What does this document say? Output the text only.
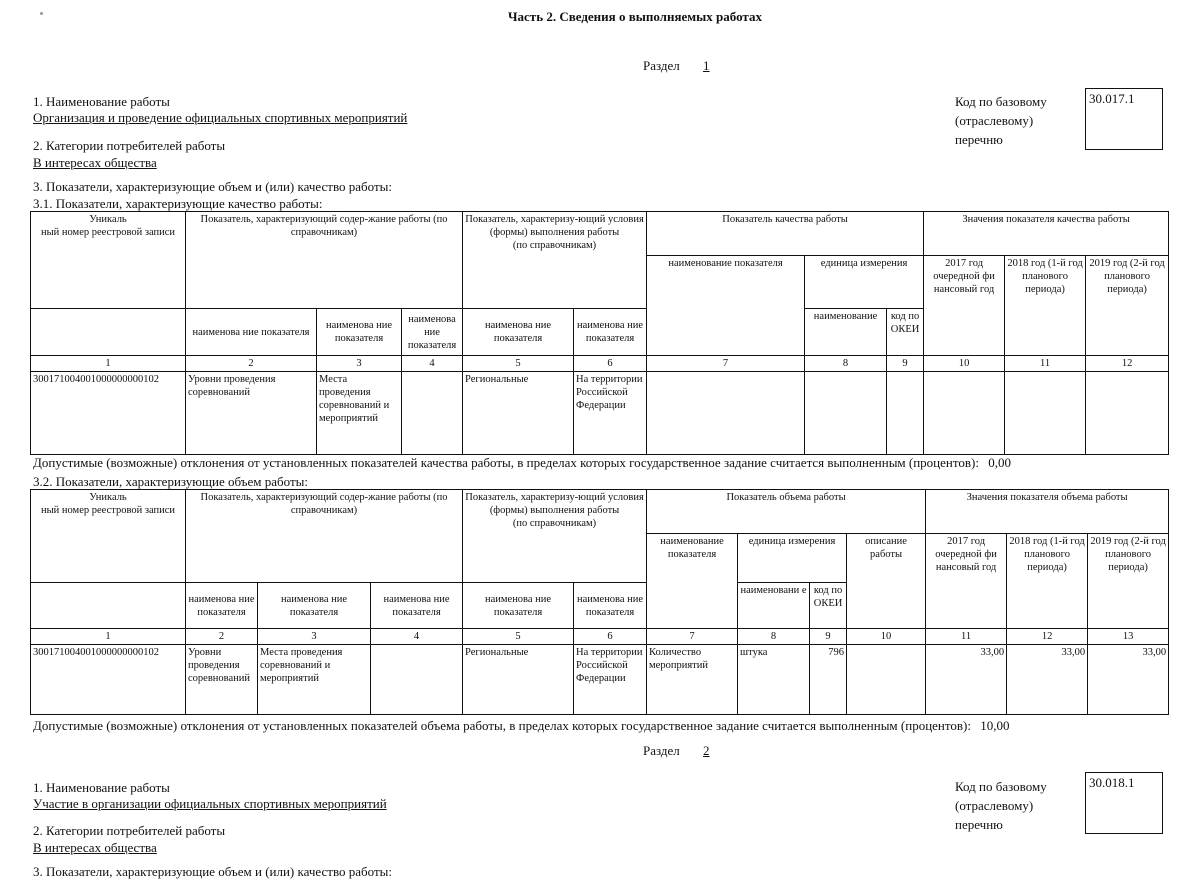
Часть 2. Сведения о выполняемых работах
Раздел 1
1. Наименование работы
Организация и проведение официальных спортивных мероприятий
2. Категории потребителей работы
В интересах общества
3. Показатели, характеризующие объем и (или) качество работы:
3.1. Показатели, характеризующие качество работы:
Код по базовому
(отраслевому)
перечню
30.017.1
Уникаль
ный номер реестровой записи	Показатель, характеризующий содер-жание работы (по справочникам)			Показатель, характеризу-ющий условия (формы) выполнения работы
(по справочникам)		Показатель качества работы			Значения показателя качества работы		
						наименование показателя	единица измерения		2017 год очередной фи нансовый год	2018 год (1-й год планового периода)	2019 год (2-й год планового периода)
	наименова ние показателя	наименова ние показателя	наименова ние показателя	наименова ние показателя	наименова ние показателя		наименование	код по ОКЕИ			
1	2	3	4	5	6	7	8	9	10	11	12
300171004001000000000102	Уровни проведения соревнований	Места проведения соревнований и мероприятий		Региональные	На территории Российской Федерации						
Допустимые (возможные) отклонения от установленных показателей качества работы, в пределах которых государственное задание считается выполненным (процентов): 0,00
3.2. Показатели, характеризующие объем работы:
Уникаль
ный номер реестровой записи	Показатель, характеризующий содер-жание работы (по справочникам)			Показатель, характеризу-ющий условия (формы) выполнения работы
(по справочникам)		Показатель объема работы				Значения показателя объема работы		
						наименование показателя	единица измерения		описание работы	2017 год очередной фи нансовый год	2018 год (1-й год планового периода)	2019 год (2-й год планового периода)
	наименова ние показателя	наименова ние показателя	наименова ние показателя	наименова ние показателя	наименова ние показателя		наименовани е	код по ОКЕИ				
1	2	3	4	5	6	7	8	9	10	11	12	13
300171004001000000000102	Уровни проведения соревнований	Места проведения соревнований и мероприятий		Региональные	На территории Российской Федерации	Количество мероприятий	штука	796		33,00	33,00	33,00
Допустимые (возможные) отклонения от установленных показателей объема работы, в пределах которых государственное задание считается выполненным (процентов): 10,00
Раздел 2
1. Наименование работы
Участие в организации официальных спортивных мероприятий
2. Категории потребителей работы
В интересах общества
3. Показатели, характеризующие объем и (или) качество работы:
Код по базовому
(отраслевому)
перечню
30.018.1
